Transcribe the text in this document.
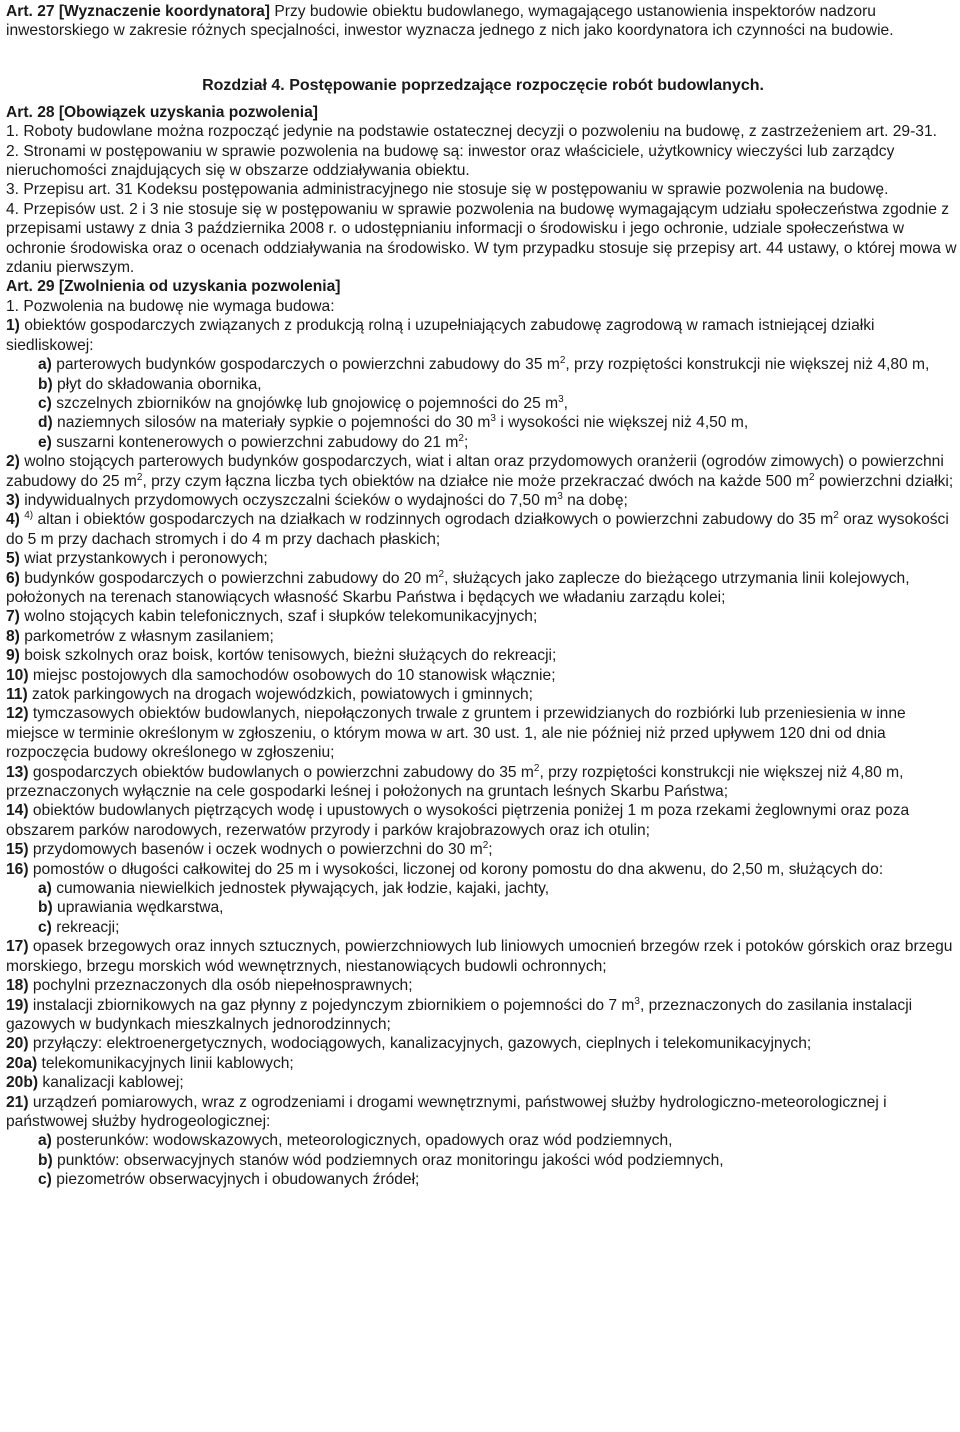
Art. 27 [Wyznaczenie koordynatora] Przy budowie obiektu budowlanego, wymagającego ustanowienia inspektorów nadzoru inwestorskiego w zakresie różnych specjalności, inwestor wyznacza jednego z nich jako koordynatora ich czynności na budowie.

Rozdział 4. Postępowanie poprzedzające rozpoczęcie robót budowlanych.

Art. 28 [Obowiązek uzyskania pozwolenia]

1. Roboty budowlane można rozpocząć jedynie na podstawie ostatecznej decyzji o pozwoleniu na budowę, z zastrzeżeniem art. 29-31.

2. Stronami w postępowaniu w sprawie pozwolenia na budowę są: inwestor oraz właściciele, użytkownicy wieczyści lub zarządcy nieruchomości znajdujących się w obszarze oddziaływania obiektu.

3. Przepisu art. 31 Kodeksu postępowania administracyjnego nie stosuje się w postępowaniu w sprawie pozwolenia na budowę.

4. Przepisów ust. 2 i 3 nie stosuje się w postępowaniu w sprawie pozwolenia na budowę wymagającym udziału społeczeństwa zgodnie z przepisami ustawy z dnia 3 października 2008 r. o udostępnianiu informacji o środowisku i jego ochronie, udziale społeczeństwa w ochronie środowiska oraz o ocenach oddziaływania na środowisko. W tym przypadku stosuje się przepisy art. 44 ustawy, o której mowa w zdaniu pierwszym.

Art. 29 [Zwolnienia od uzyskania pozwolenia]

1. Pozwolenia na budowę nie wymaga budowa:

1) obiektów gospodarczych związanych z produkcją rolną i uzupełniających zabudowę zagrodową w ramach istniejącej działki siedliskowej:

a) parterowych budynków gospodarczych o powierzchni zabudowy do 35 $m^2$, przy rozpiętości konstrukcji nie większej niż 4,80 m,

b) płyt do składowania obornika,

c) szczelnych zbiorników na gnojówkę lub gnojowicę o pojemności do 25 $m^3$,

d) naziemnych silosów na materiały sypkie o pojemności do 30 $m^3$ i wysokości nie większej niż 4,50 m,

e) suszarni kontenerowych o powierzchni zabudowy do 21 $m^2$;

2) wolno stojących parterowych budynków gospodarczych, wiat i altan oraz przydomowych oranżerii (ogrodów zimowych) o powierzchni zabudowy do 25 $m^2$, przy czym łączna liczba tych obiektów na działce nie może przekraczać dwóch na każde 500 $m^2$ powierzchni działki;

3) indywidualnych przydomowych oczyszczalni ścieków o wydajności do 7,50 $m^3$ na dobę;

4) $^{4)}$ altan i obiektów gospodarczych na działkach w rodzinnych ogrodach działkowych o powierzchni zabudowy do 35 $m^2$ oraz wysokości do 5 m przy dachach stromych i do 4 m przy dachach płaskich;

5) wiat przystankowych i peronowych;

6) budynków gospodarczych o powierzchni zabudowy do 20 $m^2$, służących jako zaplecze do bieżącego utrzymania linii kolejowych, położonych na terenach stanowiących własność Skarbu Państwa i będących we władaniu zarządu kolei;

7) wolno stojących kabin telefonicznych, szaf i słupków telekomunikacyjnych;

8) parkometrów z własnym zasilaniem;

9) boisk szkolnych oraz boisk, kortów tenisowych, bieżni służących do rekreacji;

10) miejsc postojowych dla samochodów osobowych do 10 stanowisk włącznie;

11) zatok parkingowych na drogach wojewódzkich, powiatowych i gminnych;

12) tymczasowych obiektów budowlanych, niepołączonych trwale z gruntem i przewidzianych do rozbiórki lub przeniesienia w inne miejsce w terminie określonym w zgłoszeniu, o którym mowa w art. 30 ust. 1, ale nie później niż przed upływem 120 dni od dnia rozpoczęcia budowy określonego w zgłoszeniu;

13) gospodarczych obiektów budowlanych o powierzchni zabudowy do 35 $m^2$, przy rozpiętości konstrukcji nie większej niż 4,80 m, przeznaczonych wyłącznie na cele gospodarki leśnej i położonych na gruntach leśnych Skarbu Państwa;

14) obiektów budowlanych piętrzących wodę i upustowych o wysokości piętrzenia poniżej 1 m poza rzekami żeglownymi oraz poza obszarem parków narodowych, rezerwatów przyrody i parków krajobrazowych oraz ich otulin;

15) przydomowych basenów i oczek wodnych o powierzchni do 30 $m^2$;

16) pomostów o długości całkowitej do 25 m i wysokości, liczonej od korony pomostu do dna akwenu, do 2,50 m, służących do:

a) cumowania niewielkich jednostek pływających, jak łodzie, kajaki, jachty,

b) uprawiania wędkarstwa,

c) rekreacji;

17) opasek brzegowych oraz innych sztucznych, powierzchniowych lub liniowych umocnień brzegów rzek i potoków górskich oraz brzegu morskiego, brzegu morskich wód wewnętrznych, niestanowiących budowli ochronnych;

18) pochylni przeznaczonych dla osób niepełnosprawnych;

19) instalacji zbiornikowych na gaz płynny z pojedynczym zbiornikiem o pojemności do 7 $m^3$, przeznaczonych do zasilania instalacji gazowych w budynkach mieszkalnych jednorodzinnych;

20) przyłączy: elektroenergetycznych, wodociągowych, kanalizacyjnych, gazowych, cieplnych i telekomunikacyjnych;

20a) telekomunikacyjnych linii kablowych;

20b) kanalizacji kablowej;

21) urządzeń pomiarowych, wraz z ogrodzeniami i drogami wewnętrznymi, państwowej służby hydrologiczno-meteorologicznej i państwowej służby hydrogeologicznej:

a) posterunków: wodowskazowych, meteorologicznych, opadowych oraz wód podziemnych,

b) punktów: obserwacyjnych stanów wód podziemnych oraz monitoringu jakości wód podziemnych,

c) piezometrów obserwacyjnych i obudowanych źródeł;
